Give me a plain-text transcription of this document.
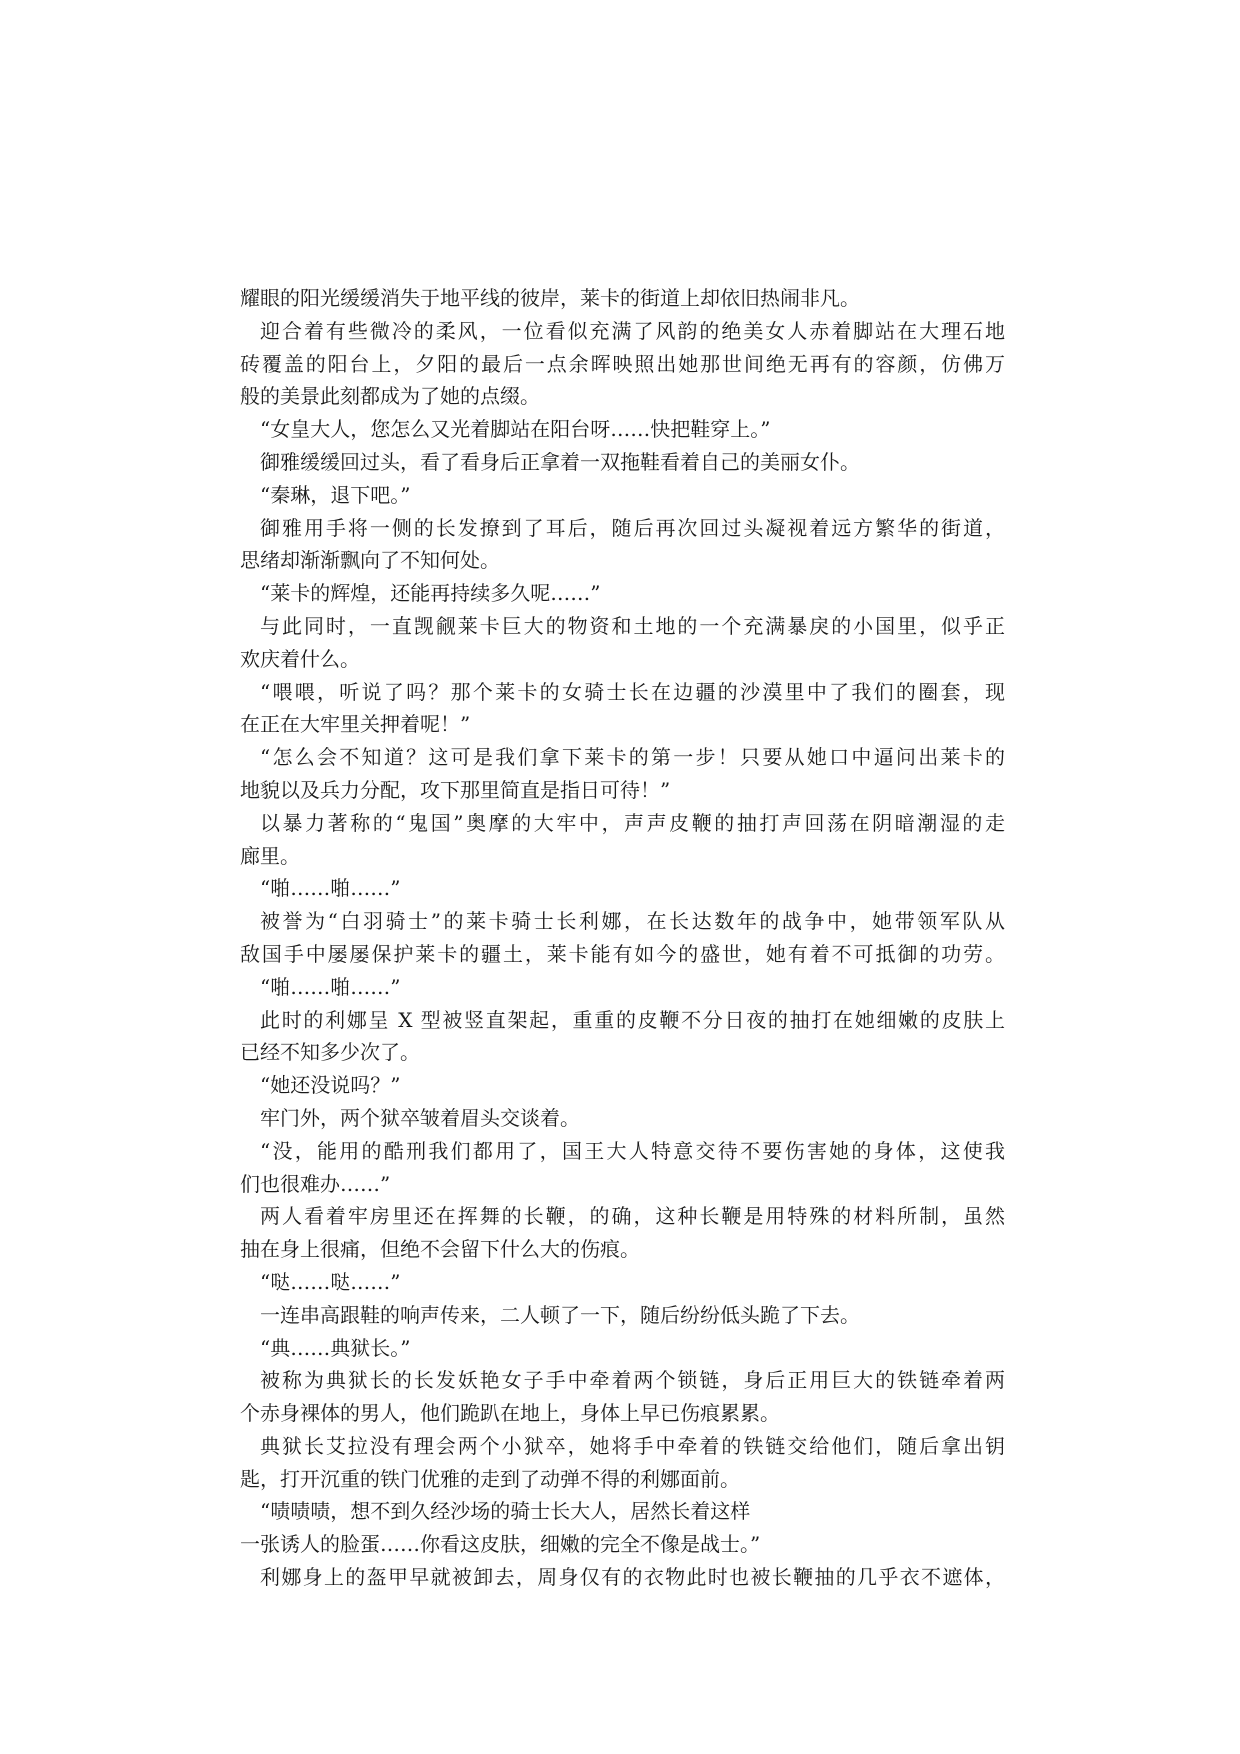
耀眼的阳光缓缓消失于地平线的彼岸，莱卡的街道上却依旧热闹非凡。
迎合着有些微冷的柔风，一位看似充满了风韵的绝美女人赤着脚站在大理石地
砖覆盖的阳台上，夕阳的最后一点余晖映照出她那世间绝无再有的容颜，仿佛万
般的美景此刻都成为了她的点缀。
“女皇大人，您怎么又光着脚站在阳台呀……快把鞋穿上。”
御雅缓缓回过头，看了看身后正拿着一双拖鞋看着自己的美丽女仆。
“秦琳，退下吧。”
御雅用手将一侧的长发撩到了耳后，随后再次回过头凝视着远方繁华的街道，
思绪却渐渐飘向了不知何处。
“莱卡的辉煌，还能再持续多久呢……”
与此同时，一直觊觎莱卡巨大的物资和土地的一个充满暴戾的小国里，似乎正
欢庆着什么。
“喂喂，听说了吗？那个莱卡的女骑士长在边疆的沙漠里中了我们的圈套，现
在正在大牢里关押着呢！”
“怎么会不知道？这可是我们拿下莱卡的第一步！只要从她口中逼问出莱卡的
地貌以及兵力分配，攻下那里简直是指日可待！”
以暴力著称的“鬼国”奥摩的大牢中，声声皮鞭的抽打声回荡在阴暗潮湿的走
廊里。
“啪……啪……”
被誉为“白羽骑士”的莱卡骑士长利娜，在长达数年的战争中，她带领军队从
敌国手中屡屡保护莱卡的疆土，莱卡能有如今的盛世，她有着不可抵御的功劳。
“啪……啪……”
此时的利娜呈 X 型被竖直架起，重重的皮鞭不分日夜的抽打在她细嫩的皮肤上
已经不知多少次了。
“她还没说吗？”
牢门外，两个狱卒皱着眉头交谈着。
“没，能用的酷刑我们都用了，国王大人特意交待不要伤害她的身体，这使我
们也很难办……”
两人看着牢房里还在挥舞的长鞭，的确，这种长鞭是用特殊的材料所制，虽然
抽在身上很痛，但绝不会留下什么大的伤痕。
“哒……哒……”
一连串高跟鞋的响声传来，二人顿了一下，随后纷纷低头跪了下去。
“典……典狱长。”
被称为典狱长的长发妖艳女子手中牵着两个锁链，身后正用巨大的铁链牵着两
个赤身裸体的男人，他们跪趴在地上，身体上早已伤痕累累。
典狱长艾拉没有理会两个小狱卒，她将手中牵着的铁链交给他们，随后拿出钥
匙，打开沉重的铁门优雅的走到了动弹不得的利娜面前。
“啧啧啧，想不到久经沙场的骑士长大人，居然长着这样
一张诱人的脸蛋……你看这皮肤，细嫩的完全不像是战士。”
利娜身上的盔甲早就被卸去，周身仅有的衣物此时也被长鞭抽的几乎衣不遮体，
